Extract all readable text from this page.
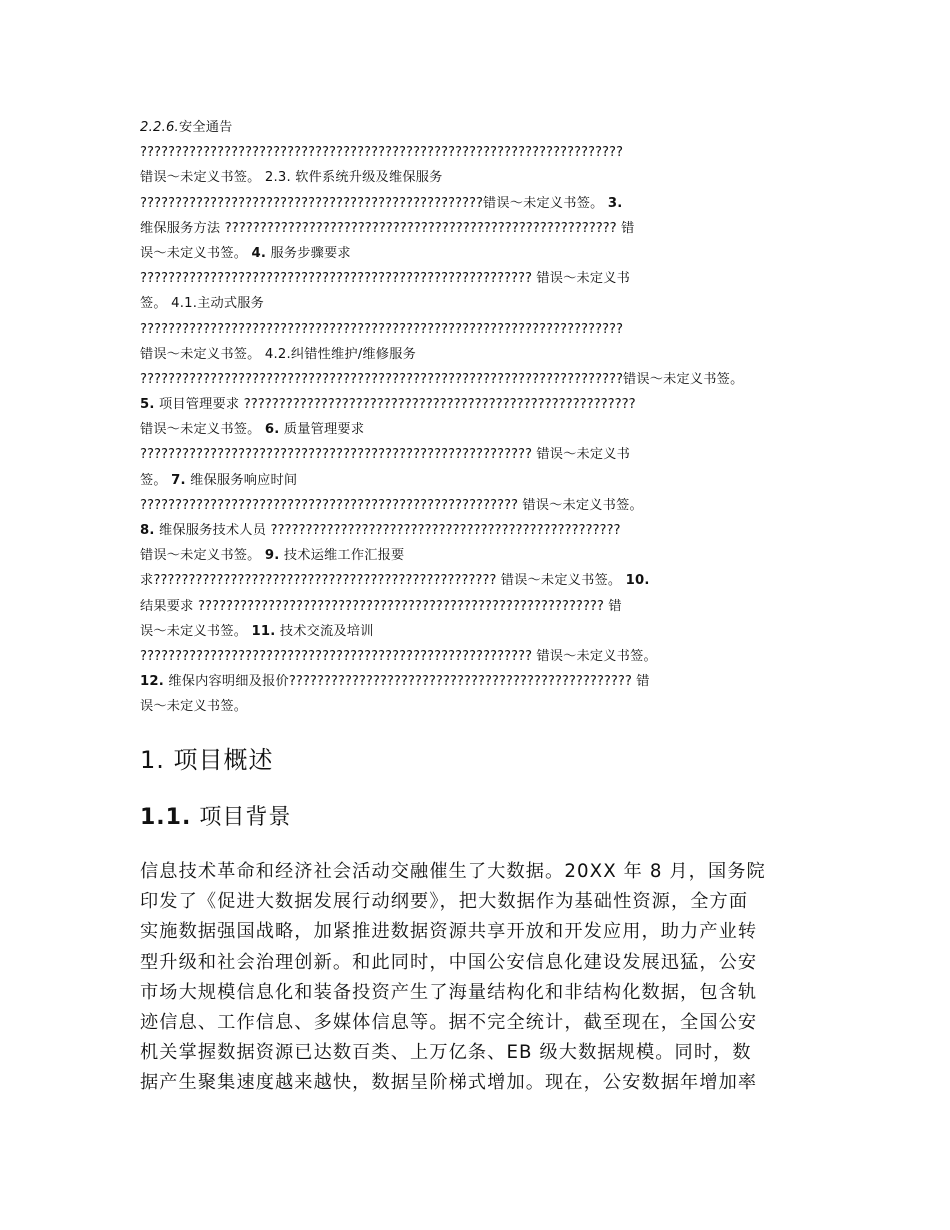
2.2.6.安全通告
?????????????????????????????????????????????????????????????????????
错误～未定义书签。 2.3. 软件系统升级及维保服务
?????????????????????????????????????????????????错误～未定义书签。 3.
维保服务方法 ???????????????????????????????????????????????????????? 错
误～未定义书签。 4. 服务步骤要求
???????????????????????????????????????????????????????? 错误～未定义书
签。 4.1.主动式服务
?????????????????????????????????????????????????????????????????????
错误～未定义书签。 4.2.纠错性维护/维修服务
?????????????????????????????????????????????????????????????????????错误～未定义书签。
5. 项目管理要求 ????????????????????????????????????????????????????????
错误～未定义书签。 6. 质量管理要求
???????????????????????????????????????????????????????? 错误～未定义书
签。 7. 维保服务响应时间
?????????????????????????????????????????????????????? 错误～未定义书签。
8. 维保服务技术人员 ??????????????????????????????????????????????????
错误～未定义书签。 9. 技术运维工作汇报要
求????????????????????????????????????????????????? 错误～未定义书签。 10.
结果要求 ?????????????????????????????????????????????????????????? 错
误～未定义书签。 11. 技术交流及培训
???????????????????????????????????????????????????????? 错误～未定义书签。
12. 维保内容明细及报价????????????????????????????????????????????????? 错
误～未定义书签。
1. 项目概述
1.1. 项目背景
信息技术革命和经济社会活动交融催生了大数据。20XX 年 8 月，国务院
印发了《促进大数据发展行动纲要》，把大数据作为基础性资源，全方面
实施数据强国战略，加紧推进数据资源共享开放和开发应用，助力产业转
型升级和社会治理创新。和此同时，中国公安信息化建设发展迅猛，公安
市场大规模信息化和装备投资产生了海量结构化和非结构化数据，包含轨
迹信息、工作信息、多媒体信息等。据不完全统计，截至现在，全国公安
机关掌握数据资源已达数百类、上万亿条、EB 级大数据规模。同时，数
据产生聚集速度越来越快，数据呈阶梯式增加。现在，公安数据年增加率
